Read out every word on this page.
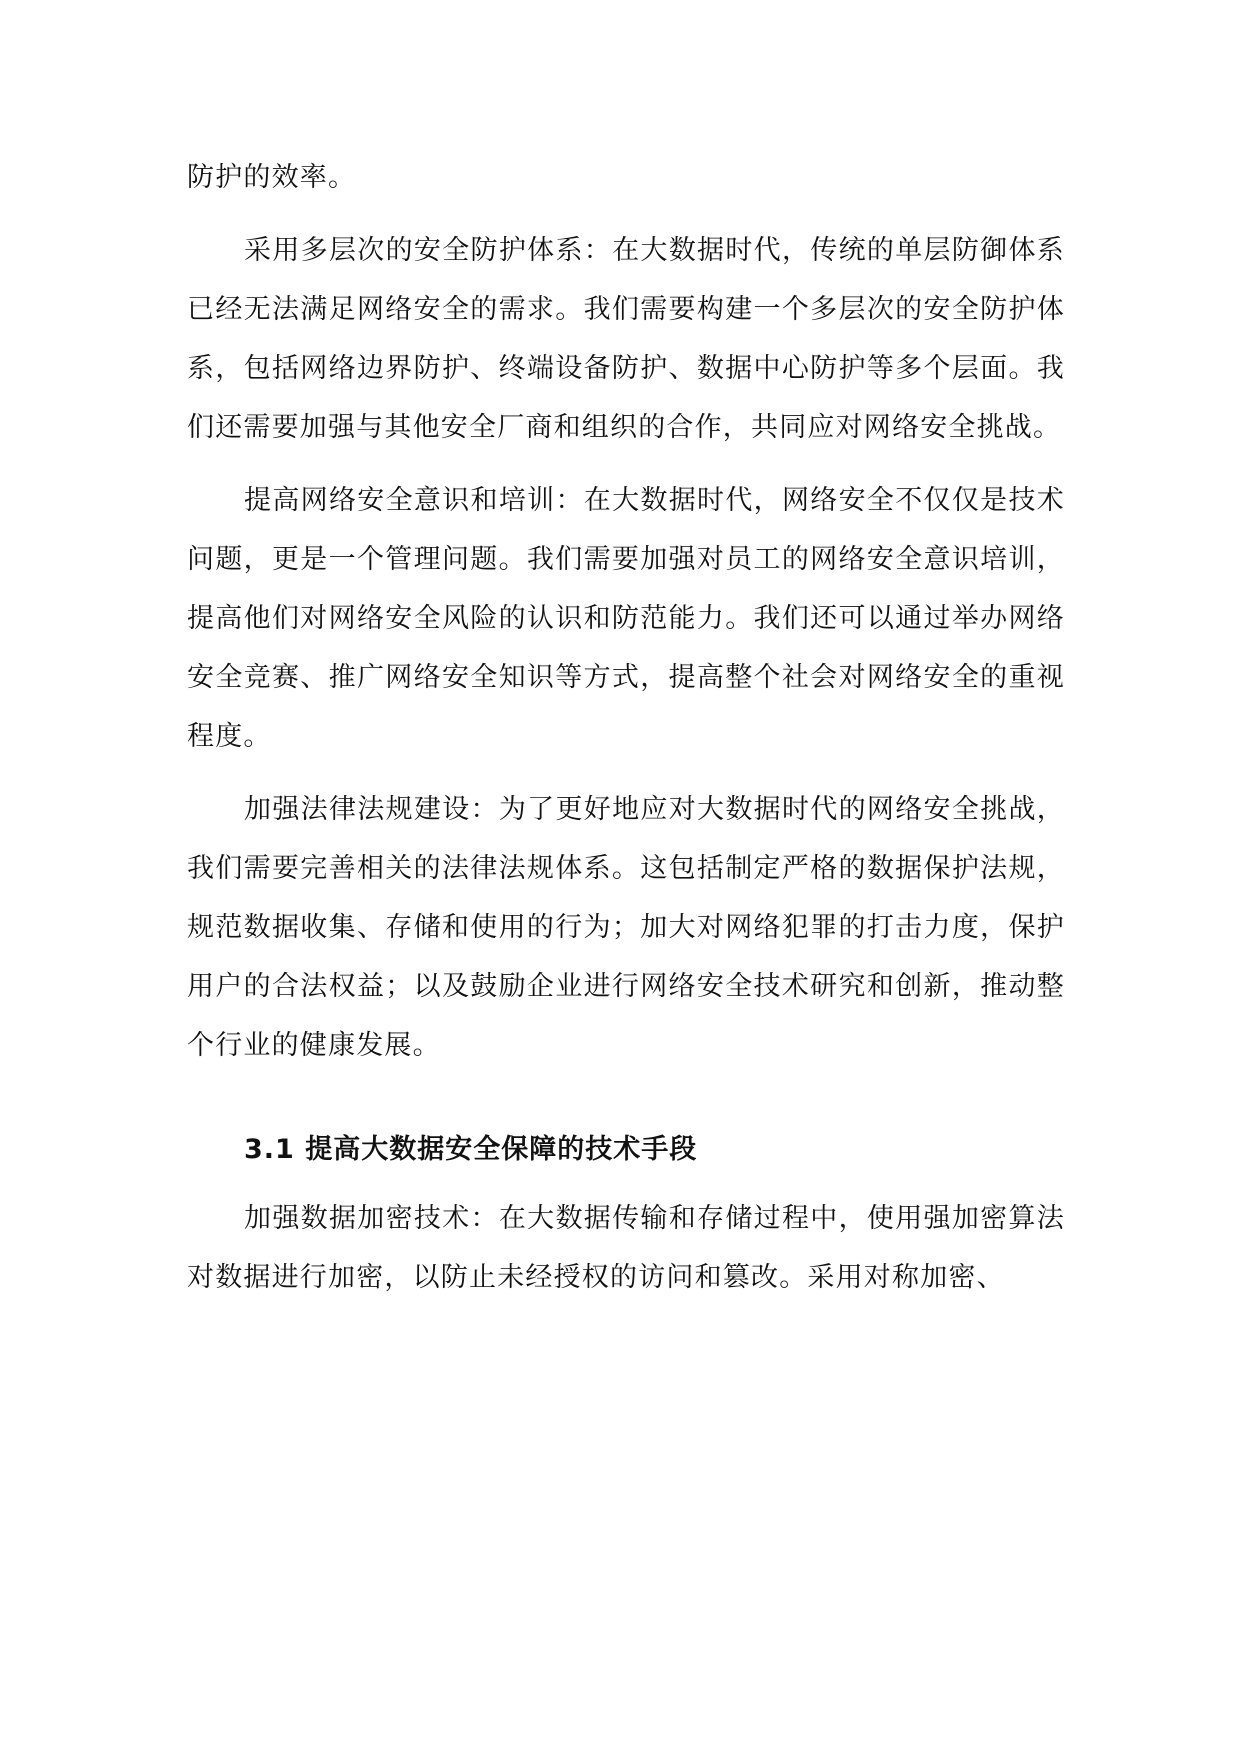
防护的效率。

采用多层次的安全防护体系：在大数据时代，传统的单层防御体系已经无法满足网络安全的需求。我们需要构建一个多层次的安全防护体系，包括网络边界防护、终端设备防护、数据中心防护等多个层面。我们还需要加强与其他安全厂商和组织的合作，共同应对网络安全挑战。

提高网络安全意识和培训：在大数据时代，网络安全不仅仅是技术问题，更是一个管理问题。我们需要加强对员工的网络安全意识培训，提高他们对网络安全风险的认识和防范能力。我们还可以通过举办网络安全竞赛、推广网络安全知识等方式，提高整个社会对网络安全的重视程度。

加强法律法规建设：为了更好地应对大数据时代的网络安全挑战，我们需要完善相关的法律法规体系。这包括制定严格的数据保护法规，规范数据收集、存储和使用的行为；加大对网络犯罪的打击力度，保护用户的合法权益；以及鼓励企业进行网络安全技术研究和创新，推动整个行业的健康发展。

3.1 提高大数据安全保障的技术手段

加强数据加密技术：在大数据传输和存储过程中，使用强加密算法对数据进行加密，以防止未经授权的访问和篡改。采用对称加密、
